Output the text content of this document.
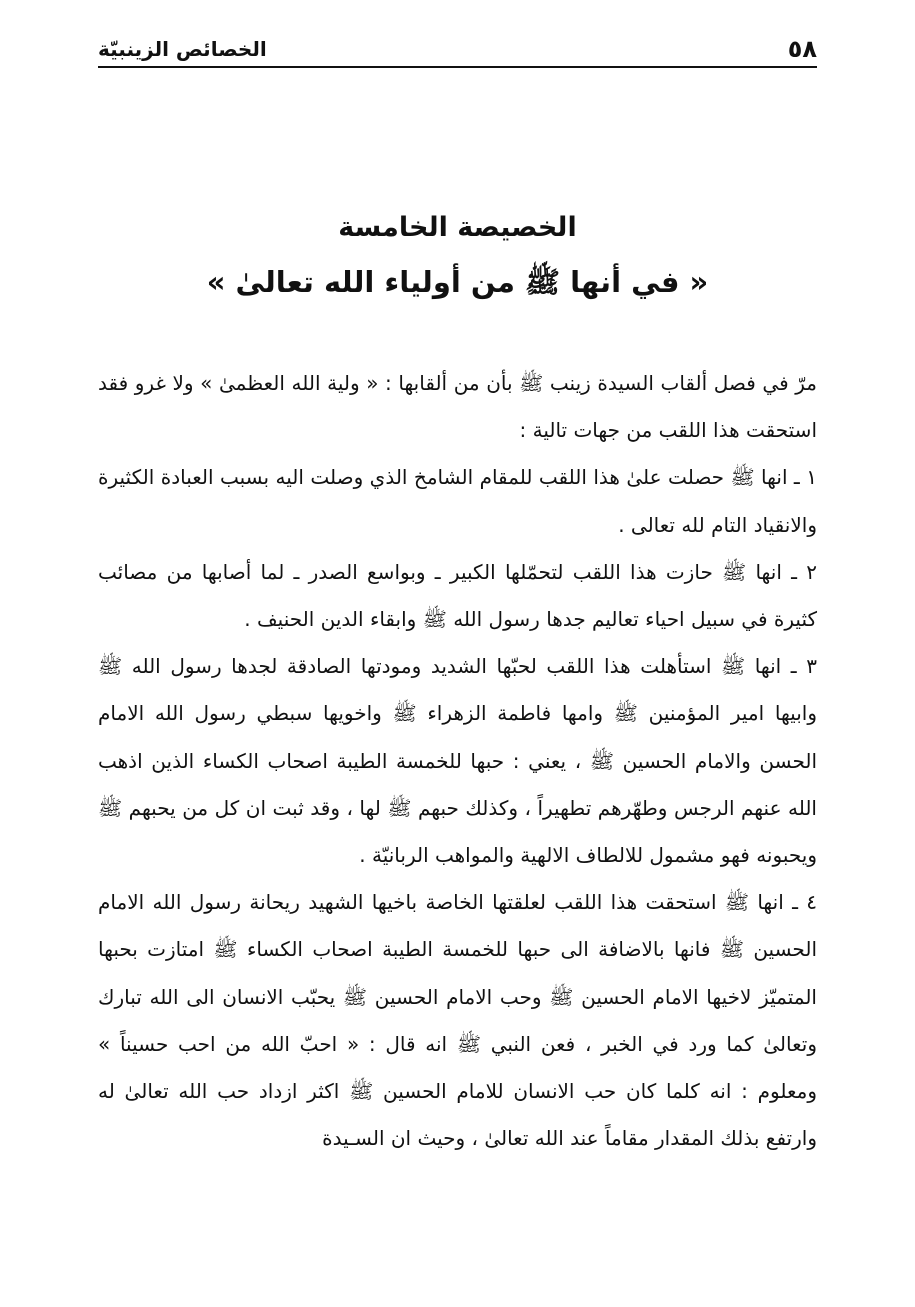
٥٨
الخصائص الزينبيّة
الخصيصة الخامسة
« في أنها ﷺ من أولياء الله تعالىٰ »

مرّ في فصل ألقاب السيدة زينب ﷺ بأن من ألقابها : « ولية الله العظمىٰ » ولا غرو فقد استحقت هذا اللقب من جهات تالية :

١ ـ انها ﷺ حصلت علىٰ هذا اللقب للمقام الشامخ الذي وصلت اليه بسبب العبادة الكثيرة والانقياد التام لله تعالى .

٢ ـ انها ﷺ حازت هذا اللقب لتحمّلها الكبير ـ وبواسع الصدر ـ لما أصابها من مصائب كثيرة في سبيل احياء تعاليم جدها رسول الله ﷺ وابقاء الدين الحنيف .

٣ ـ انها ﷺ استأهلت هذا اللقب لحبّها الشديد ومودتها الصادقة لجدها رسول الله ﷺ وابيها امير المؤمنين ﷺ وامها فاطمة الزهراء ﷺ واخويها سبطي رسول الله الامام الحسن والامام الحسين ﷺ ، يعني : حبها للخمسة الطيبة اصحاب الكساء الذين اذهب الله عنهم الرجس وطهّرهم تطهيراً ، وكذلك حبهم ﷺ لها ، وقد ثبت ان كل من يحبهم ﷺ ويحبونه فهو مشمول للالطاف الالهية والمواهب الربانيّة .

٤ ـ انها ﷺ استحقت هذا اللقب لعلقتها الخاصة باخيها الشهيد ريحانة رسول الله الامام الحسين ﷺ فانها بالاضافة الى حبها للخمسة الطيبة اصحاب الكساء ﷺ امتازت بحبها المتميّز لاخيها الامام الحسين ﷺ وحب الامام الحسين ﷺ يحبّب الانسان الى الله تبارك وتعالىٰ كما ورد في الخبر ، فعن النبي ﷺ انه قال : « احبّ الله من احب حسيناً » ومعلوم : انه كلما كان حب الانسان للامام الحسين ﷺ اكثر ازداد حب الله تعالىٰ له وارتفع بذلك المقدار مقاماً عند الله تعالىٰ ، وحيث ان السـيدة
